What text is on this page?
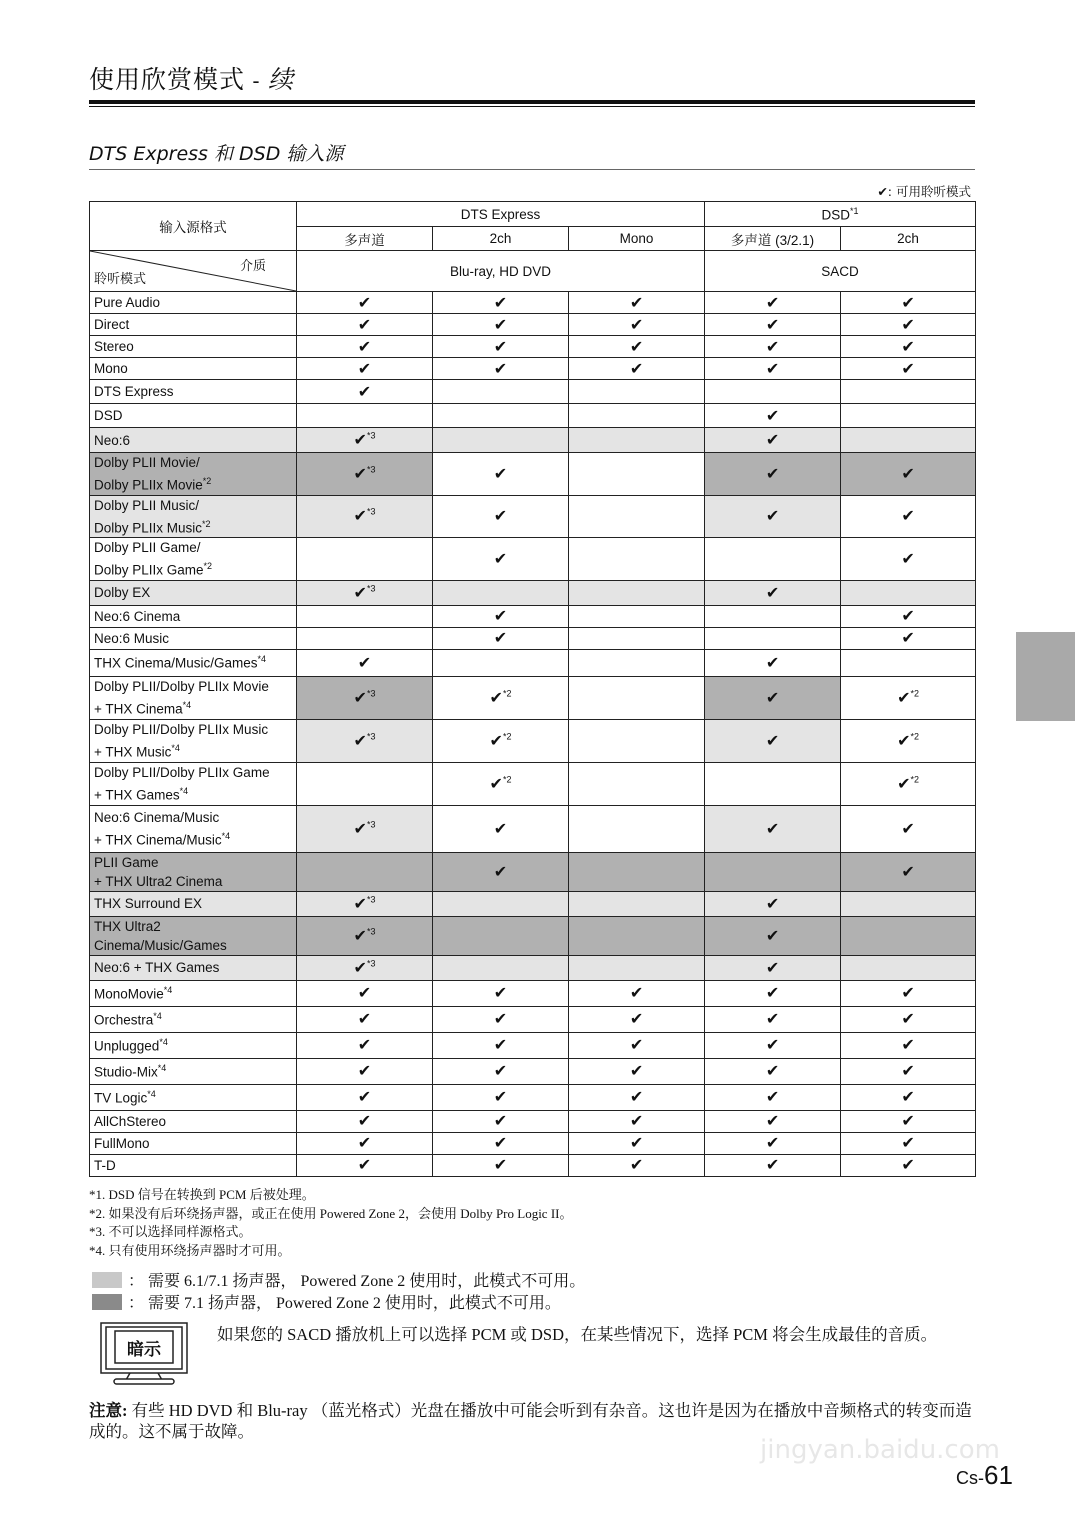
使用欣赏模式 - 续
DTS Express 和 DSD 输入源
✔: 可用聆听模式
输入源格式	DTS Express			DSD$^{*1}$
	多声道	2ch	Mono	多声道 (3/2.1)	2ch

介质
聆听模式	Blu-ray, HD DVD			SACD	
Pure Audio	✔	✔	✔	✔	✔
Direct	✔	✔	✔	✔	✔
Stereo	✔	✔	✔	✔	✔
Mono	✔	✔	✔	✔	✔
DTS Express	✔				
DSD				✔	
Neo:6	✔$^{*3}$			✔	
Dolby PLII Movie/
Dolby PLIIx Movie$^{*2}$	✔$^{*3}$	✔		✔	✔
Dolby PLII Music/
Dolby PLIIx Music$^{*2}$	✔$^{*3}$	✔		✔	✔
Dolby PLII Game/
Dolby PLIIx Game$^{*2}$		✔			✔
Dolby EX	✔$^{*3}$			✔	
Neo:6 Cinema		✔			✔
Neo:6 Music		✔			✔
THX Cinema/Music/Games$^{*4}$	✔			✔	
Dolby PLII/Dolby PLIIx Movie
+ THX Cinema$^{*4}$	✔$^{*3}$	✔$^{*2}$		✔	✔$^{*2}$
Dolby PLII/Dolby PLIIx Music
+ THX Music$^{*4}$	✔$^{*3}$	✔$^{*2}$		✔	✔$^{*2}$
Dolby PLII/Dolby PLIIx Game
+ THX Games$^{*4}$		✔$^{*2}$			✔$^{*2}$
Neo:6 Cinema/Music
+ THX Cinema/Music$^{*4}$	✔$^{*3}$	✔		✔	✔
PLII Game
+ THX Ultra2 Cinema		✔			✔
THX Surround EX	✔$^{*3}$			✔	
THX Ultra2
Cinema/Music/Games	✔$^{*3}$			✔	
Neo:6 + THX Games	✔$^{*3}$			✔	
MonoMovie$^{*4}$	✔	✔	✔	✔	✔
Orchestra$^{*4}$	✔	✔	✔	✔	✔
Unplugged$^{*4}$	✔	✔	✔	✔	✔
Studio-Mix$^{*4}$	✔	✔	✔	✔	✔
TV Logic$^{*4}$	✔	✔	✔	✔	✔
AllChStereo	✔	✔	✔	✔	✔
FullMono	✔	✔	✔	✔	✔
T-D	✔	✔	✔	✔	✔
*1. DSD 信号在转换到 PCM 后被处理。
*2. 如果没有后环绕扬声器，或正在使用 Powered Zone 2，会使用 Dolby Pro Logic II。
*3. 不可以选择同样源格式。
*4. 只有使用环绕扬声器时才可用。
： 需要 6.1/7.1 扬声器， Powered Zone 2 使用时，此模式不可用。
： 需要 7.1 扬声器， Powered Zone 2 使用时，此模式不可用。
暗示
如果您的 SACD 播放机上可以选择 PCM 或 DSD，在某些情况下，选择 PCM 将会生成最佳的音质。
注意: 有些 HD DVD 和 Blu-ray （蓝光格式）光盘在播放中可能会听到有杂音。这也许是因为在播放中音频格式的转变而造成的。这不属于故障。
jingyan.baidu.com
Cs-61
